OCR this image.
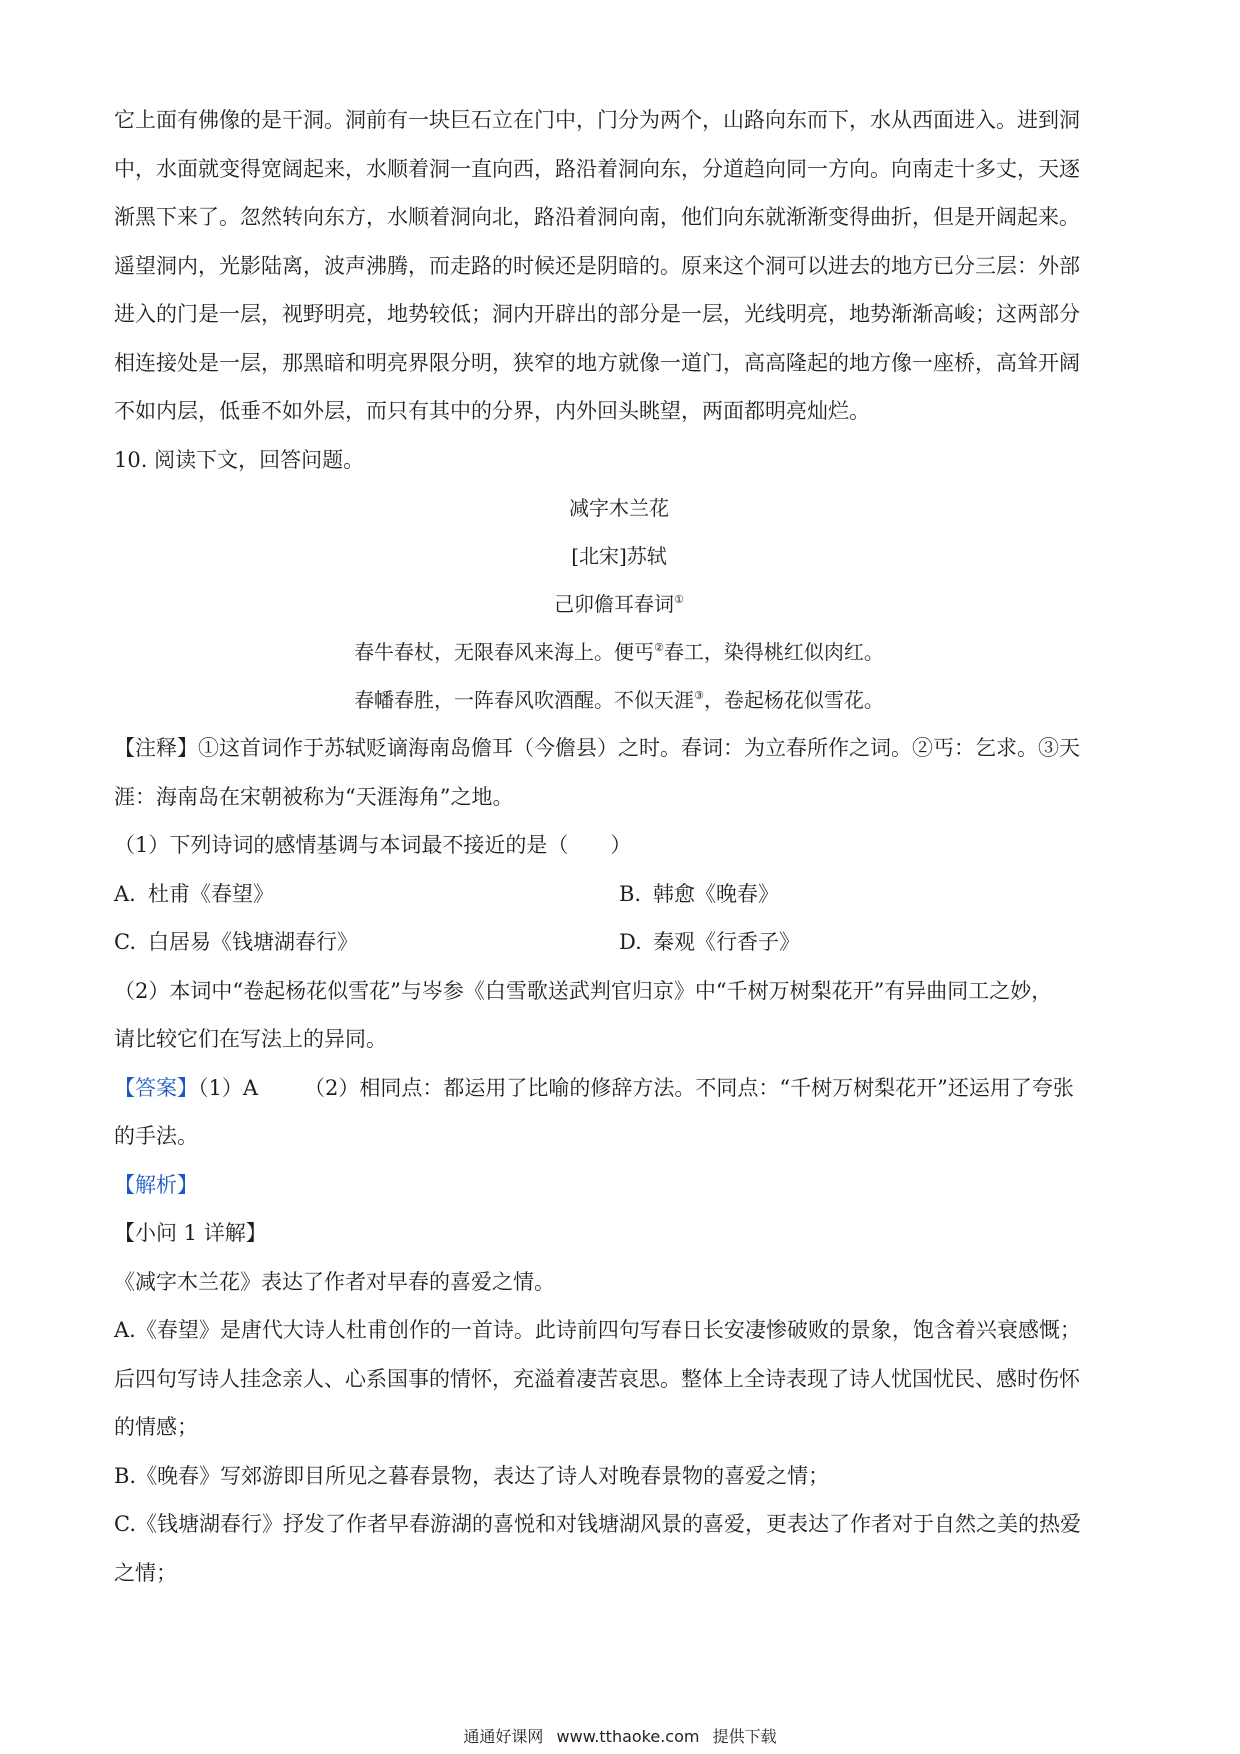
它上面有佛像的是干洞。洞前有一块巨石立在门中，门分为两个，山路向东而下，水从西面进入。进到洞

中，水面就变得宽阔起来，水顺着洞一直向西，路沿着洞向东，分道趋向同一方向。向南走十多丈，天逐

渐黑下来了。忽然转向东方，水顺着洞向北，路沿着洞向南，他们向东就渐渐变得曲折，但是开阔起来。

遥望洞内，光影陆离，波声沸腾，而走路的时候还是阴暗的。原来这个洞可以进去的地方已分三层：外部

进入的门是一层，视野明亮，地势较低；洞内开辟出的部分是一层，光线明亮，地势渐渐高峻；这两部分

相连接处是一层，那黑暗和明亮界限分明，狭窄的地方就像一道门，高高隆起的地方像一座桥，高耸开阔

不如内层，低垂不如外层，而只有其中的分界，内外回头眺望，两面都明亮灿烂。

10. 阅读下文，回答问题。

减字木兰花

[北宋]苏轼

己卯儋耳春词①

春牛春杖，无限春风来海上。便丐②春工，染得桃红似肉红。

春幡春胜，一阵春风吹酒醒。不似天涯③，卷起杨花似雪花。

【注释】①这首词作于苏轼贬谪海南岛儋耳（今儋县）之时。春词：为立春所作之词。②丐：乞求。③天

涯：海南岛在宋朝被称为“天涯海角”之地。

（1）下列诗词的感情基调与本词最不接近的是（　　）

A. 杜甫《春望》	B. 韩愈《晚春》
C. 白居易《钱塘湖春行》	D. 秦观《行香子》

（2）本词中“卷起杨花似雪花”与岑参《白雪歌送武判官归京》中“千树万树梨花开”有异曲同工之妙，

请比较它们在写法上的异同。

【答案】（1）A （2）相同点：都运用了比喻的修辞方法。不同点：“千树万树梨花开”还运用了夸张

的手法。

【解析】

【小问 1 详解】

《减字木兰花》表达了作者对早春的喜爱之情。

A.《春望》是唐代大诗人杜甫创作的一首诗。此诗前四句写春日长安凄惨破败的景象，饱含着兴衰感慨；

后四句写诗人挂念亲人、心系国事的情怀，充溢着凄苦哀思。整体上全诗表现了诗人忧国忧民、感时伤怀

的情感；

B.《晚春》写郊游即目所见之暮春景物，表达了诗人对晚春景物的喜爱之情；

C.《钱塘湖春行》抒发了作者早春游湖的喜悦和对钱塘湖风景的喜爱，更表达了作者对于自然之美的热爱

之情；

通通好课网 www.tthaoke.com 提供下载
